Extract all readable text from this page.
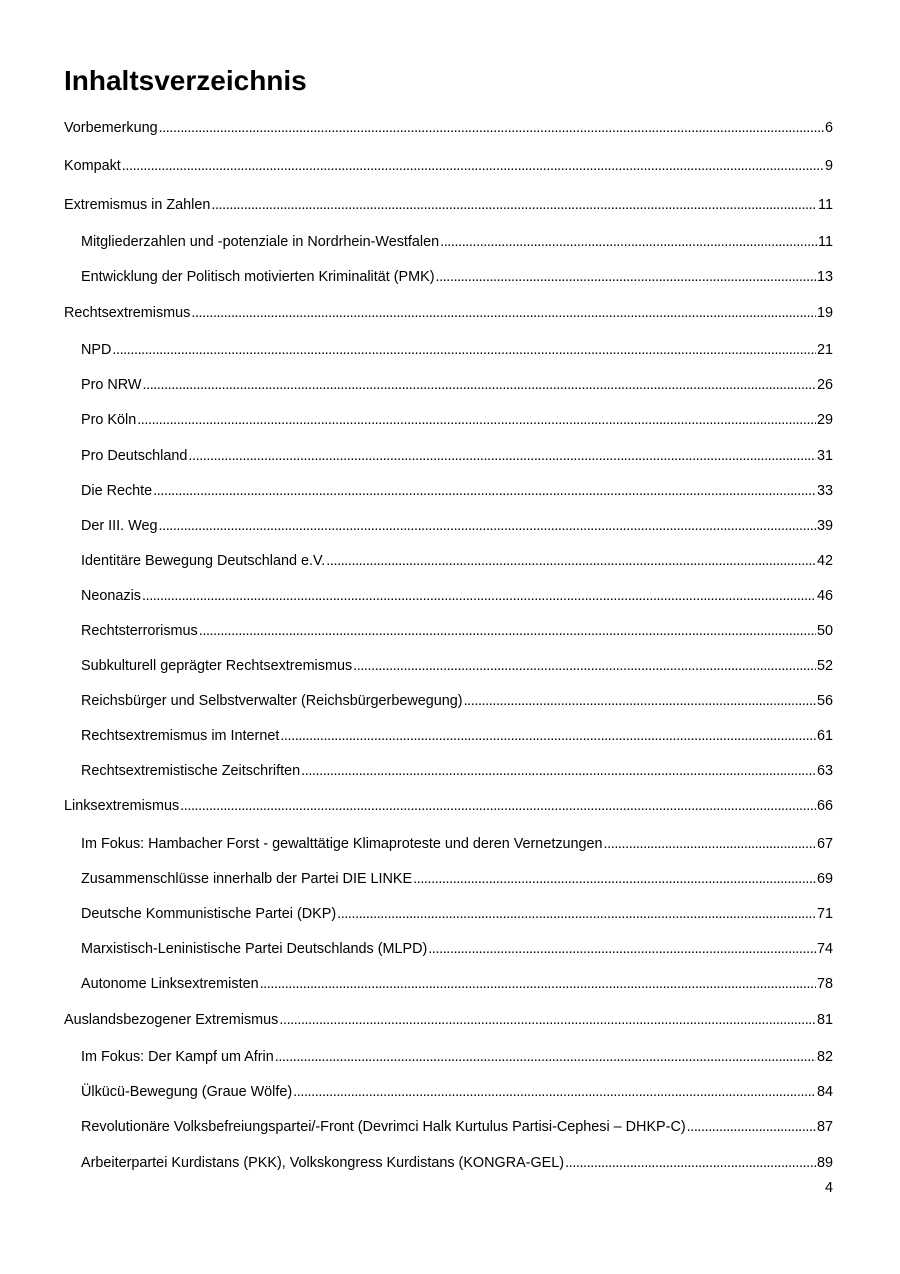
Inhaltsverzeichnis
Vorbemerkung .....	6
Kompakt .....	9
Extremismus in Zahlen .....	11
Mitgliederzahlen und -potenziale in Nordrhein-Westfalen .....	11
Entwicklung der Politisch motivierten Kriminalität (PMK) .....	13
Rechtsextremismus .....	19
NPD .....	21
Pro NRW .....	26
Pro Köln .....	29
Pro Deutschland .....	31
Die Rechte .....	33
Der III. Weg .....	39
Identitäre Bewegung Deutschland e.V. .....	42
Neonazis .....	46
Rechtsterrorismus .....	50
Subkulturell geprägter Rechtsextremismus .....	52
Reichsbürger und Selbstverwalter (Reichsbürgerbewegung) .....	56
Rechtsextremismus im Internet .....	61
Rechtsextremistische Zeitschriften .....	63
Linksextremismus .....	66
Im Fokus: Hambacher Forst - gewalttätige Klimaproteste und deren Vernetzungen .....	67
Zusammenschlüsse innerhalb der Partei DIE LINKE .....	69
Deutsche Kommunistische Partei (DKP) .....	71
Marxistisch-Leninistische Partei Deutschlands (MLPD) .....	74
Autonome Linksextremisten .....	78
Auslandsbezogener Extremismus .....	81
Im Fokus: Der Kampf um Afrin .....	82
Ülkücü-Bewegung (Graue Wölfe) .....	84
Revolutionäre Volksbefreiungspartei/-Front (Devrimci Halk Kurtulus Partisi-Cephesi – DHKP-C) .....	87
Arbeiterpartei Kurdistans (PKK), Volkskongress Kurdistans (KONGRA-GEL) .....	89
4
